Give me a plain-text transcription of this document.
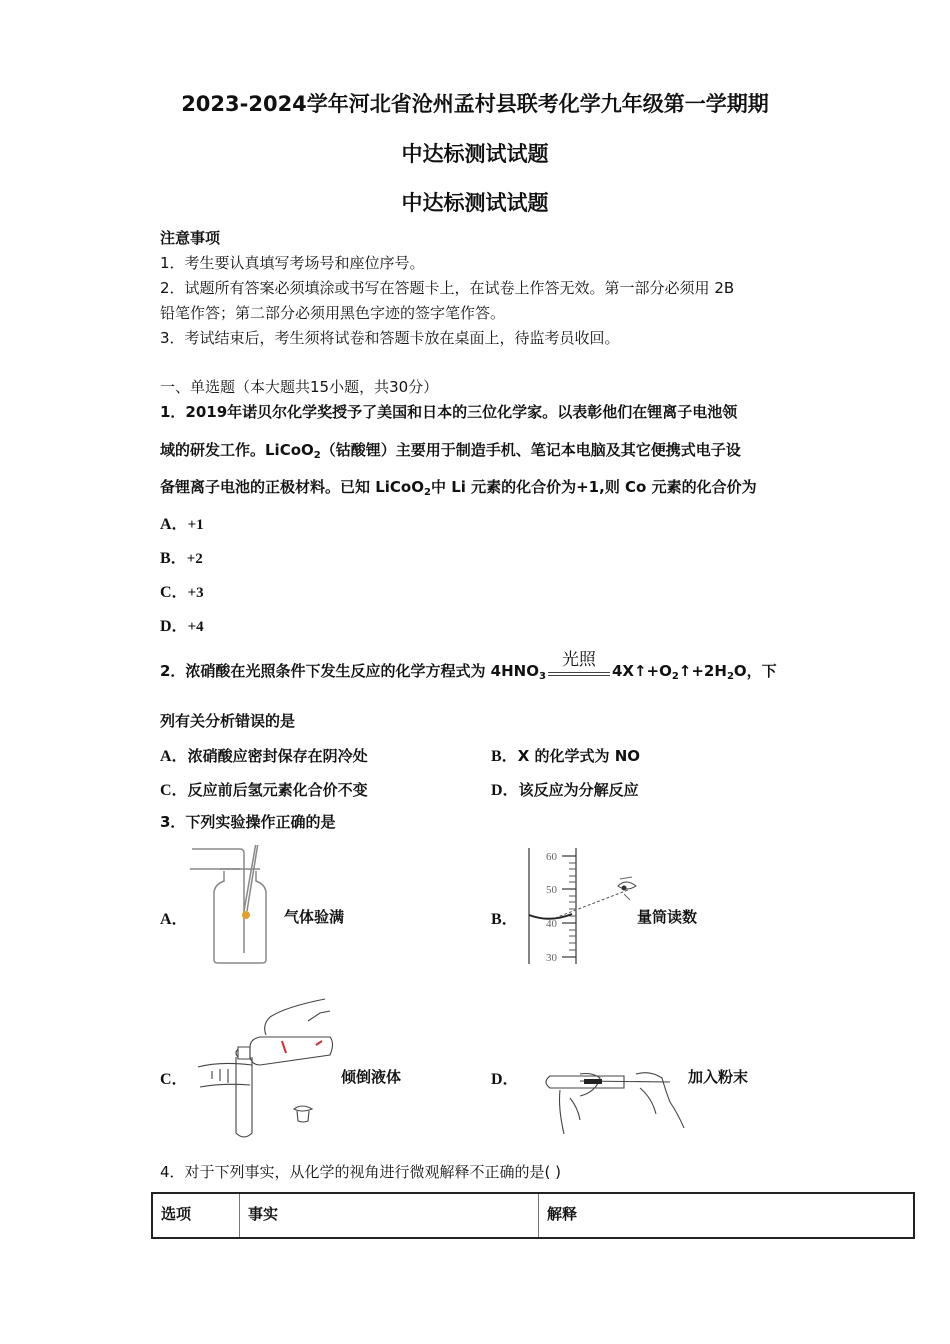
2023-2024学年河北省沧州孟村县联考化学九年级第一学期期
中达标测试试题
中达标测试试题
注意事项
1．考生要认真填写考场号和座位序号。
2．试题所有答案必须填涂或书写在答题卡上，在试卷上作答无效。第一部分必须用 2B
铅笔作答；第二部分必须用黑色字迹的签字笔作答。
3．考试结束后，考生须将试卷和答题卡放在桌面上，待监考员收回。
一、单选题（本大题共15小题，共30分）
1．2019年诺贝尔化学奖授予了美国和日本的三位化学家。以表彰他们在锂离子电池领
域的研发工作。LiCoO$_2$（钴酸锂）主要用于制造手机、笔记本电脑及其它便携式电子设
备锂离子电池的正极材料。已知 LiCoO$_2$中 Li 元素的化合价为+1,则 Co 元素的化合价为
A．+1
B．+2
C．+3
D．+4
2．浓硝酸在光照条件下发生反应的化学方程式为 $4HNO_3$
光照
$4X↑+O_2↑+2H_2O$，下
列有关分析错误的是
A．浓硝酸应密封保存在阴冷处	B．X 的化学式为 NO
C．反应前后氢元素化合价不变	D．该反应为分解反应
3．下列实验操作正确的是
A．	气体验满	B．
60
50
40
30
量筒读数
C．	倾倒液体	D．	加入粉末
4．对于下列事实，从化学的视角进行微观解释不正确的是( )
选项	事实	解释
